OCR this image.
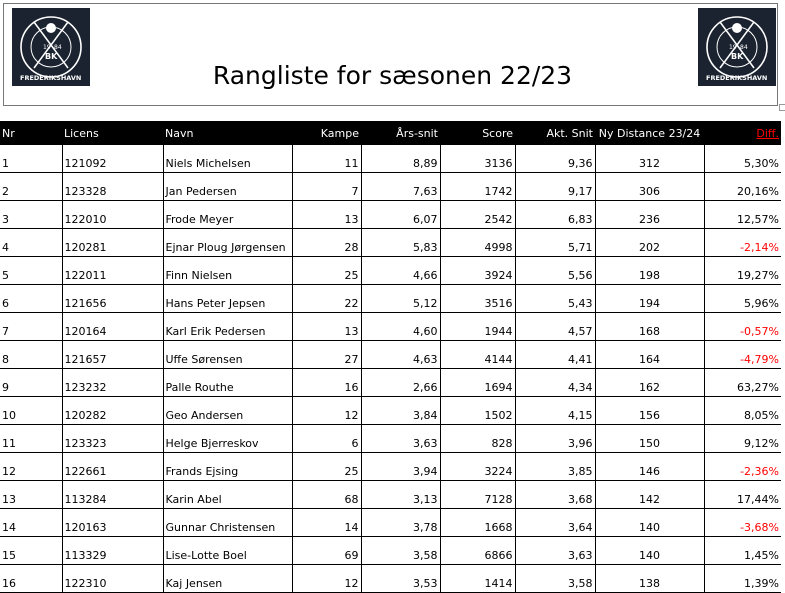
19 84
BK
FREDERIKSHAVN
19 84
BK
FREDERIKSHAVN
Rangliste for sæsonen 22/23
Nr	Licens	Navn	Kampe	Års-snit	Score	Akt. Snit	Ny Distance 23/24	Diff.
1	121092	Niels Michelsen	11	8,89	3136	9,36	312	5,30%
2	123328	Jan Pedersen	7	7,63	1742	9,17	306	20,16%
3	122010	Frode Meyer	13	6,07	2542	6,83	236	12,57%
4	120281	Ejnar Ploug Jørgensen	28	5,83	4998	5,71	202	-2,14%
5	122011	Finn Nielsen	25	4,66	3924	5,56	198	19,27%
6	121656	Hans Peter Jepsen	22	5,12	3516	5,43	194	5,96%
7	120164	Karl Erik Pedersen	13	4,60	1944	4,57	168	-0,57%
8	121657	Uffe Sørensen	27	4,63	4144	4,41	164	-4,79%
9	123232	Palle Routhe	16	2,66	1694	4,34	162	63,27%
10	120282	Geo Andersen	12	3,84	1502	4,15	156	8,05%
11	123323	Helge Bjerreskov	6	3,63	828	3,96	150	9,12%
12	122661	Frands Ejsing	25	3,94	3224	3,85	146	-2,36%
13	113284	Karin Abel	68	3,13	7128	3,68	142	17,44%
14	120163	Gunnar Christensen	14	3,78	1668	3,64	140	-3,68%
15	113329	Lise-Lotte Boel	69	3,58	6866	3,63	140	1,45%
16	122310	Kaj Jensen	12	3,53	1414	3,58	138	1,39%
